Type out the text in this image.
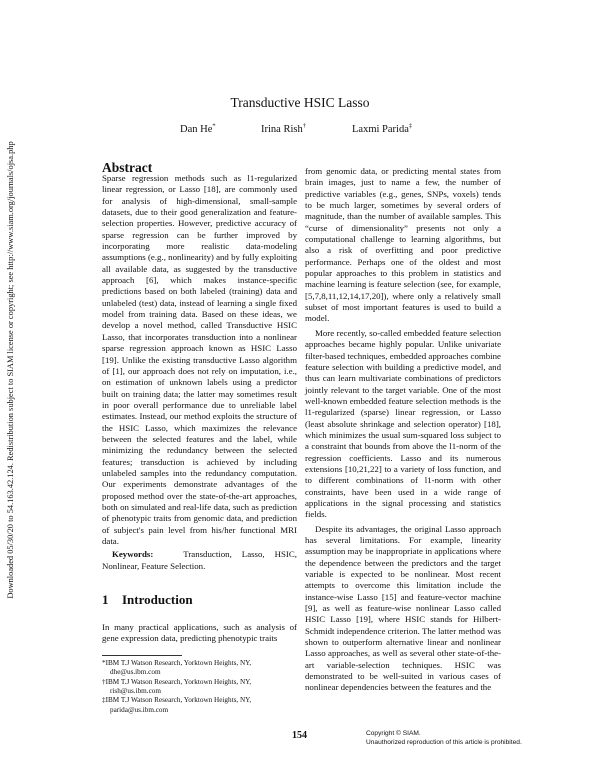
Downloaded 05/30/20 to 54.163.42.124. Redistribution subject to SIAM license or copyright; see http://www.siam.org/journals/ojsa.php
Transductive HSIC Lasso
Dan He*	Irina Rish†	Laxmi Parida‡
Abstract

Sparse regression methods such as l1-regularized linear regression, or Lasso [18], are commonly used for analysis of high-dimensional, small-sample datasets, due to their good generalization and feature-selection properties. However, predictive accuracy of sparse regression can be further improved by incorporating more realistic data-modeling assumptions (e.g., nonlinearity) and by fully exploiting all available data, as suggested by the transductive approach [6], which makes instance-specific predictions based on both labeled (training) data and unlabeled (test) data, instead of learning a single fixed model from training data. Based on these ideas, we develop a novel method, called Transductive HSIC Lasso, that incorporates transduction into a nonlinear sparse regression approach known as HSIC Lasso [19]. Unlike the existing transductive Lasso algorithm of [1], our approach does not rely on imputation, i.e., on estimation of unknown labels using a predictor built on training data; the latter may sometimes result in poor overall performance due to unreliable label estimates. Instead, our method exploits the structure of the HSIC Lasso, which maximizes the relevance between the selected features and the label, while minimizing the redundancy between the selected features; transduction is achieved by including unlabeled samples into the redundancy computation. Our experiments demonstrate advantages of the proposed method over the state-of-the-art approaches, both on simulated and real-life data, such as prediction of phenotypic traits from genomic data, and prediction of subject's pain level from his/her functional MRI data.

Keywords:	Transduction, Lasso, HSIC, Nonlinear, Feature Selection.

1 Introduction

In many practical applications, such as analysis of gene expression data, predicting phenotypic traits

*IBM T.J Watson Research, Yorktown Heights, NY, dhe@us.ibm.com

†IBM T.J Watson Research, Yorktown Heights, NY, rish@us.ibm.com

‡IBM T.J Watson Research, Yorktown Heights, NY, parida@us.ibm.com

from genomic data, or predicting mental states from brain images, just to name a few, the number of predictive variables (e.g., genes, SNPs, voxels) tends to be much larger, sometimes by several orders of magnitude, than the number of available samples. This “curse of dimensionality” presents not only a computational challenge to learning algorithms, but also a risk of overfitting and poor predictive performance. Perhaps one of the oldest and most popular approaches to this problem in statistics and machine learning is feature selection (see, for example, [5,7,8,11,12,14,17,20]), where only a relatively small subset of most important features is used to build a model.

More recently, so-called embedded feature selection approaches became highly popular. Unlike univariate filter-based techniques, embedded approaches combine feature selection with building a predictive model, and thus can learn multivariate combinations of predictors jointly relevant to the target variable. One of the most well-known embedded feature selection methods is the l1-regularized (sparse) linear regression, or Lasso (least absolute shrinkage and selection operator) [18], which minimizes the usual sum-squared loss subject to a constraint that bounds from above the l1-norm of the regression coefficients. Lasso and its numerous extensions [10,21,22] to a variety of loss function, and to different combinations of l1-norm with other constraints, have been used in a wide range of applications in the signal processing and statistics fields.

Despite its advantages, the original Lasso approach has several limitations. For example, linearity assumption may be inappropriate in applications where the dependence between the predictors and the target variable is expected to be nonlinear. Most recent attempts to overcome this limitation include the instance-wise Lasso [15] and feature-vector machine [9], as well as feature-wise nonlinear Lasso called HSIC Lasso [19], where HSIC stands for Hilbert-Schmidt independence criterion. The latter method was shown to outperform alternative linear and nonlinear Lasso approaches, as well as several other state-of-the-art variable-selection techniques. HSIC was demonstrated to be well-suited in various cases of nonlinear dependencies between the features and the

154	Copyright © SIAM.
Unauthorized reproduction of this article is prohibited.
